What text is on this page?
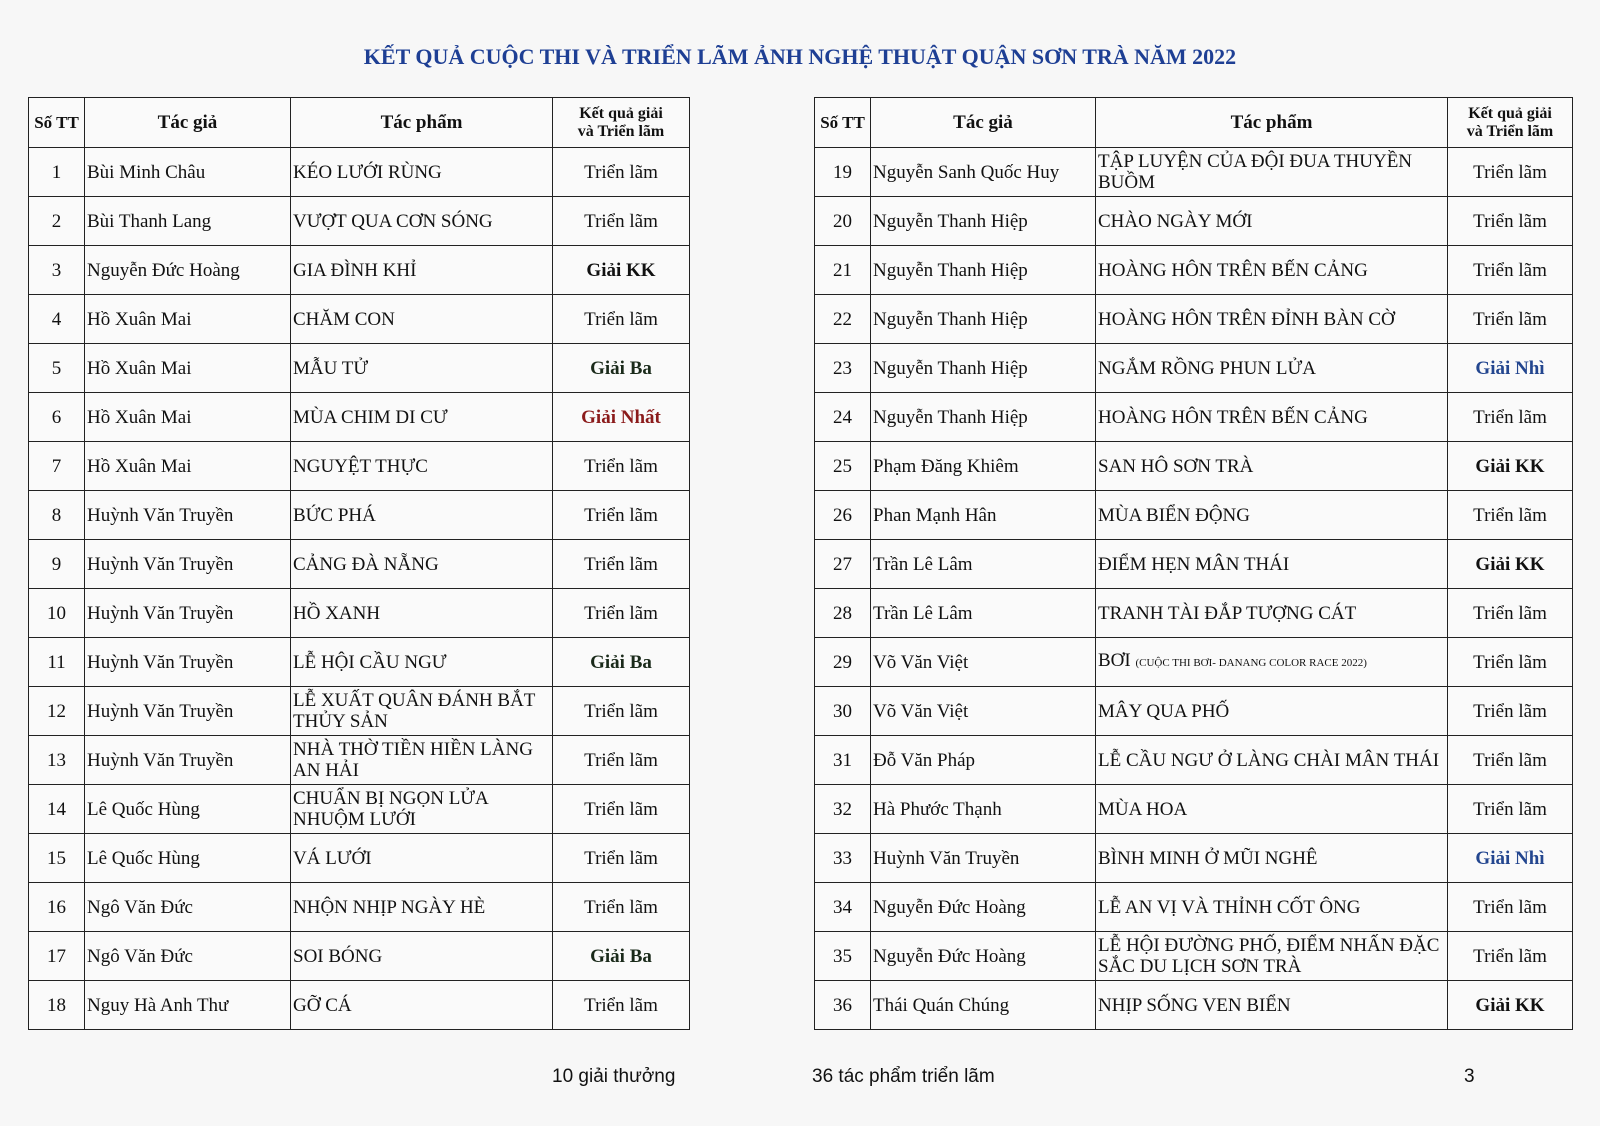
KẾT QUẢ CUỘC THI VÀ TRIỂN LÃM ẢNH NGHỆ THUẬT QUẬN SƠN TRÀ NĂM 2022
Số TT	Tác giả	Tác phẩm	Kết quả giải
và Triển lãm
1	Bùi Minh Châu	KÉO LƯỚI RÙNG	Triển lãm
2	Bùi Thanh Lang	VƯỢT QUA CƠN SÓNG	Triển lãm
3	Nguyễn Đức Hoàng	GIA ĐÌNH KHỈ	Giải KK
4	Hồ Xuân Mai	CHĂM CON	Triển lãm
5	Hồ Xuân Mai	MẪU TỬ	Giải Ba
6	Hồ Xuân Mai	MÙA CHIM DI CƯ	Giải Nhất
7	Hồ Xuân Mai	NGUYỆT THỰC	Triển lãm
8	Huỳnh Văn Truyền	BỨC PHÁ	Triển lãm
9	Huỳnh Văn Truyền	CẢNG ĐÀ NẴNG	Triển lãm
10	Huỳnh Văn Truyền	HỒ XANH	Triển lãm
11	Huỳnh Văn Truyền	LỄ HỘI CẦU NGƯ	Giải Ba
12	Huỳnh Văn Truyền	LỄ XUẤT QUÂN ĐÁNH BẮT THỦY SẢN	Triển lãm
13	Huỳnh Văn Truyền	NHÀ THỜ TIỀN HIỀN LÀNG AN HẢI	Triển lãm
14	Lê Quốc Hùng	CHUẨN BỊ NGỌN LỬA NHUỘM LƯỚI	Triển lãm
15	Lê Quốc Hùng	VÁ LƯỚI	Triển lãm
16	Ngô Văn Đức	NHỘN NHỊP NGÀY HÈ	Triển lãm
17	Ngô Văn Đức	SOI BÓNG	Giải Ba
18	Nguy Hà Anh Thư	GỠ CÁ	Triển lãm
Số TT	Tác giả	Tác phẩm	Kết quả giải
và Triển lãm
19	Nguyễn Sanh Quốc Huy	TẬP LUYỆN CỦA ĐỘI ĐUA THUYỀN BUỒM	Triển lãm
20	Nguyễn Thanh Hiệp	CHÀO NGÀY MỚI	Triển lãm
21	Nguyễn Thanh Hiệp	HOÀNG HÔN TRÊN BẾN CẢNG	Triển lãm
22	Nguyễn Thanh Hiệp	HOÀNG HÔN TRÊN ĐỈNH BÀN CỜ	Triển lãm
23	Nguyễn Thanh Hiệp	NGẮM RỒNG PHUN LỬA	Giải Nhì
24	Nguyễn Thanh Hiệp	HOÀNG HÔN TRÊN BẾN CẢNG	Triển lãm
25	Phạm Đăng Khiêm	SAN HÔ SƠN TRÀ	Giải KK
26	Phan Mạnh Hân	MÙA BIỂN ĐỘNG	Triển lãm
27	Trần Lê Lâm	ĐIỂM HẸN MÂN THÁI	Giải KK
28	Trần Lê Lâm	TRANH TÀI ĐẮP TƯỢNG CÁT	Triển lãm
29	Võ Văn Việt	BƠI (CUỘC THI BƠI- DANANG COLOR RACE 2022)	Triển lãm
30	Võ Văn Việt	MÂY QUA PHỐ	Triển lãm
31	Đỗ Văn Pháp	LỄ CẦU NGƯ Ở LÀNG CHÀI MÂN THÁI	Triển lãm
32	Hà Phước Thạnh	MÙA HOA	Triển lãm
33	Huỳnh Văn Truyền	BÌNH MINH Ở MŨI NGHÊ	Giải Nhì
34	Nguyễn Đức Hoàng	LỄ AN VỊ VÀ THỈNH CỐT ÔNG	Triển lãm
35	Nguyễn Đức Hoàng	LỄ HỘI ĐƯỜNG PHỐ, ĐIỂM NHẤN ĐẶC SẮC DU LỊCH SƠN TRÀ	Triển lãm
36	Thái Quán Chúng	NHỊP SỐNG VEN BIỂN	Giải KK
10 giải thưởng	36 tác phẩm triển lãm	3
